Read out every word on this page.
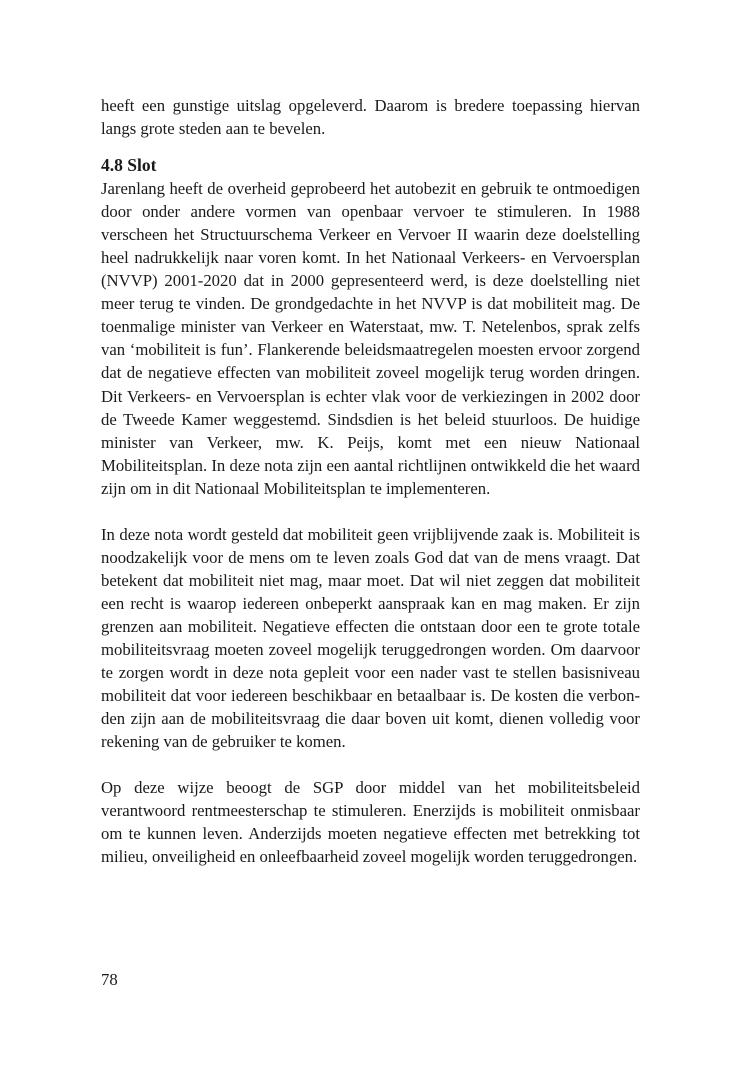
heeft een gunstige uitslag opgeleverd. Daarom is bredere toepassing hiervan langs grote steden aan te bevelen.

4.8 Slot

Jarenlang heeft de overheid geprobeerd het autobezit en gebruik te ontmoedigen door onder andere vormen van openbaar vervoer te stimuleren. In 1988 verscheen het Structuurschema Verkeer en Vervoer II waarin deze doelstelling heel nadrukkelijk naar voren komt. In het Nationaal Verkeers- en Vervoersplan (NVVP) 2001-2020 dat in 2000 gepresenteerd werd, is deze doelstelling niet meer terug te vinden. De grondgedachte in het NVVP is dat mobiliteit mag. De toenmalige minister van Verkeer en Waterstaat, mw. T. Netelenbos, sprak zelfs van ‘mobiliteit is fun’. Flankerende beleidsmaatregelen moesten ervoor zorgend dat de negatieve effecten van mobiliteit zoveel mogelijk terug worden dringen. Dit Verkeers- en Vervoersplan is echter vlak voor de verkiezingen in 2002 door de Tweede Kamer weggestemd. Sindsdien is het beleid stuurloos. De huidige minister van Verkeer, mw. K. Peijs, komt met een nieuw Nationaal Mobiliteitsplan. In deze nota zijn een aantal richtlijnen ontwikkeld die het waard zijn om in dit Nationaal Mobiliteitsplan te implementeren.

In deze nota wordt gesteld dat mobiliteit geen vrijblijvende zaak is. Mobiliteit is noodzakelijk voor de mens om te leven zoals God dat van de mens vraagt. Dat betekent dat mobiliteit niet mag, maar moet. Dat wil niet zeggen dat mobiliteit een recht is waarop iedereen onbeperkt aanspraak kan en mag maken. Er zijn grenzen aan mobiliteit. Negatieve effecten die ontstaan door een te grote totale mobiliteitsvraag moeten zoveel mogelijk teruggedrongen worden. Om daarvoor te zorgen wordt in deze nota gepleit voor een nader vast te stellen basisniveau mobiliteit dat voor iedereen beschikbaar en betaalbaar is. De kosten die verbonden zijn aan de mobiliteitsvraag die daar boven uit komt, dienen volledig voor rekening van de gebruiker te komen.

Op deze wijze beoogt de SGP door middel van het mobiliteitsbeleid verantwoord rentmeesterschap te stimuleren. Enerzijds is mobiliteit onmisbaar om te kunnen leven. Anderzijds moeten negatieve effecten met betrekking tot milieu, onveiligheid en onleefbaarheid zoveel mogelijk worden teruggedrongen.

78
